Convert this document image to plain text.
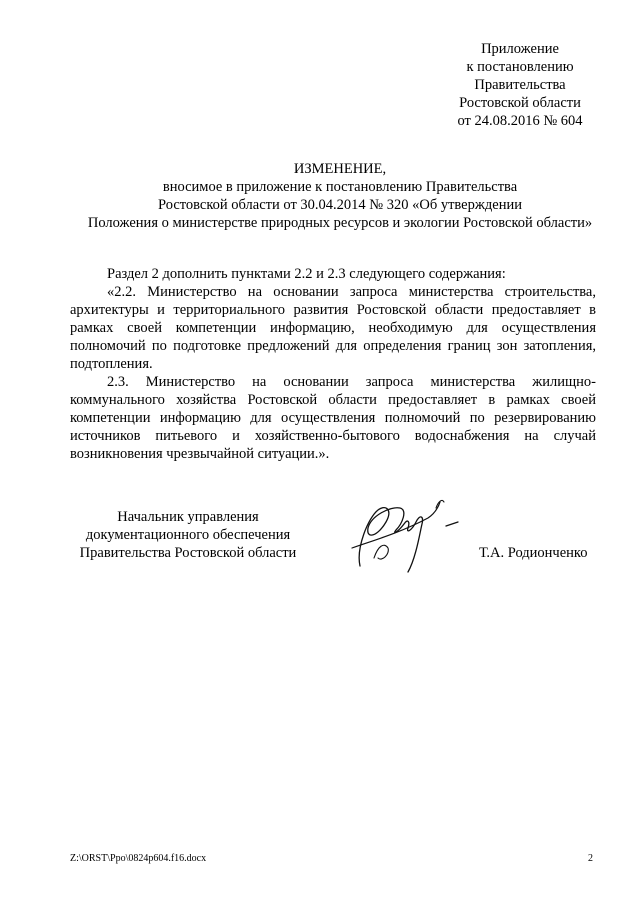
Приложение
к постановлению
Правительства
Ростовской области
от 24.08.2016 № 604
ИЗМЕНЕНИЕ,
вносимое в приложение к постановлению Правительства
Ростовской области от 30.04.2014 № 320 «Об утверждении
Положения о министерстве природных ресурсов и экологии Ростовской области»

Раздел 2 дополнить пунктами 2.2 и 2.3 следующего содержания:

«2.2. Министерство на основании запроса министерства строительства, архитектуры и территориального развития Ростовской области предоставляет в рамках своей компетенции информацию, необходимую для осуществления полномочий по подготовке предложений для определения границ зон затопления, подтопления.

2.3. Министерство на основании запроса министерства жилищно-коммунального хозяйства Ростовской области предоставляет в рамках своей компетенции информацию для осуществления полномочий по резервированию источников питьевого и хозяйственно-бытового водоснабжения на случай возникновения чрезвычайной ситуации.».

Начальник управления
документационного обеспечения
Правительства Ростовской области	Т.А. Родионченко
Z:\ORST\Ppo\0824p604.f16.docx	2
